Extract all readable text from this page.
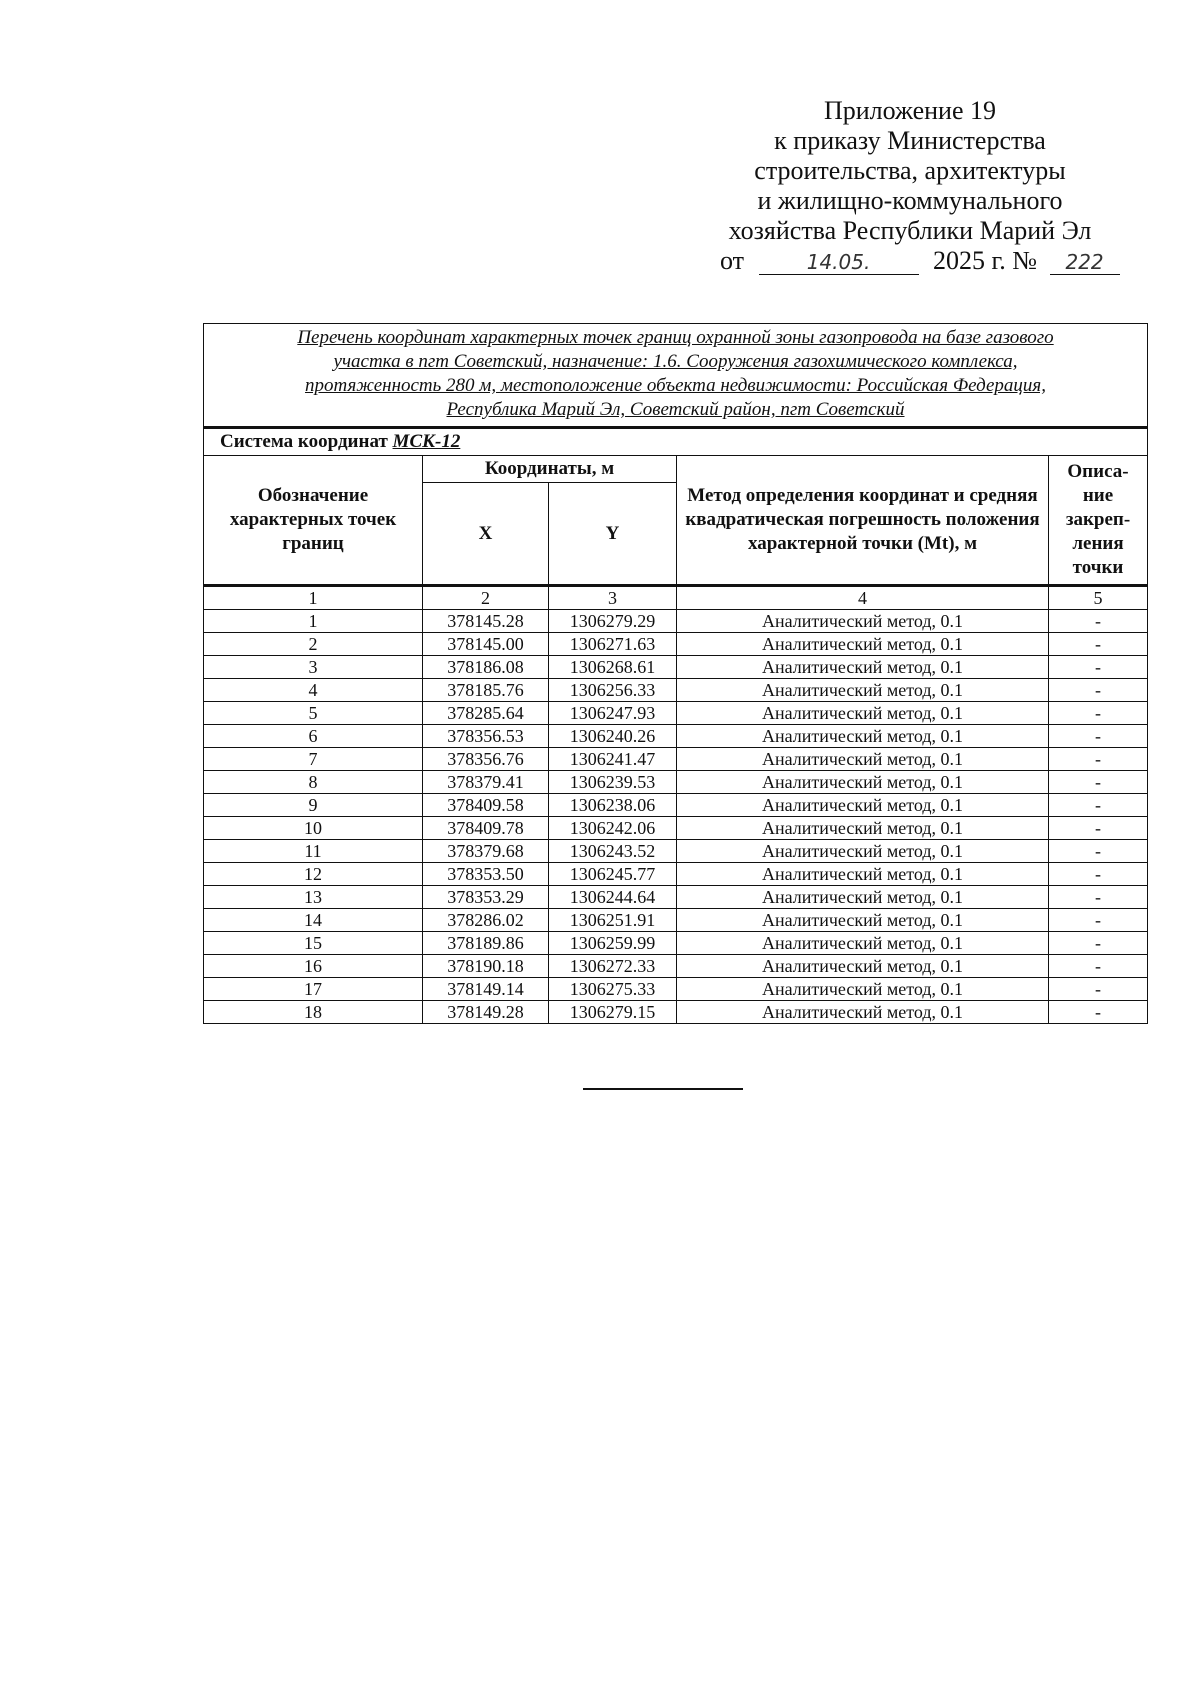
Приложение 19
к приказу Министерства
строительства, архитектуры
и жилищно-коммунального
хозяйства Республики Марий Эл
от	14.05. 2025 г. № 222
Перечень координат характерных точек границ охранной зоны газопровода на базе газового
участка в пгт Советский, назначение: 1.6. Сооружения газохимического комплекса,
протяженность 280 м, местоположение объекта недвижимости: Российская Федерация,
Республика Марий Эл, Советский район, пгт Советский				

Система координат МСК-12				
Обозначение характерных точек границ	Координаты, м		Метод определения координат и средняя квадратическая погрешность положения характерной точки (Mt), м	Описа-ние закреп-ления точки
	X	Y		
1	2	3	4	5
1	378145.28	1306279.29	Аналитический метод, 0.1	-
2	378145.00	1306271.63	Аналитический метод, 0.1	-
3	378186.08	1306268.61	Аналитический метод, 0.1	-
4	378185.76	1306256.33	Аналитический метод, 0.1	-
5	378285.64	1306247.93	Аналитический метод, 0.1	-
6	378356.53	1306240.26	Аналитический метод, 0.1	-
7	378356.76	1306241.47	Аналитический метод, 0.1	-
8	378379.41	1306239.53	Аналитический метод, 0.1	-
9	378409.58	1306238.06	Аналитический метод, 0.1	-
10	378409.78	1306242.06	Аналитический метод, 0.1	-
11	378379.68	1306243.52	Аналитический метод, 0.1	-
12	378353.50	1306245.77	Аналитический метод, 0.1	-
13	378353.29	1306244.64	Аналитический метод, 0.1	-
14	378286.02	1306251.91	Аналитический метод, 0.1	-
15	378189.86	1306259.99	Аналитический метод, 0.1	-
16	378190.18	1306272.33	Аналитический метод, 0.1	-
17	378149.14	1306275.33	Аналитический метод, 0.1	-
18	378149.28	1306279.15	Аналитический метод, 0.1	-
